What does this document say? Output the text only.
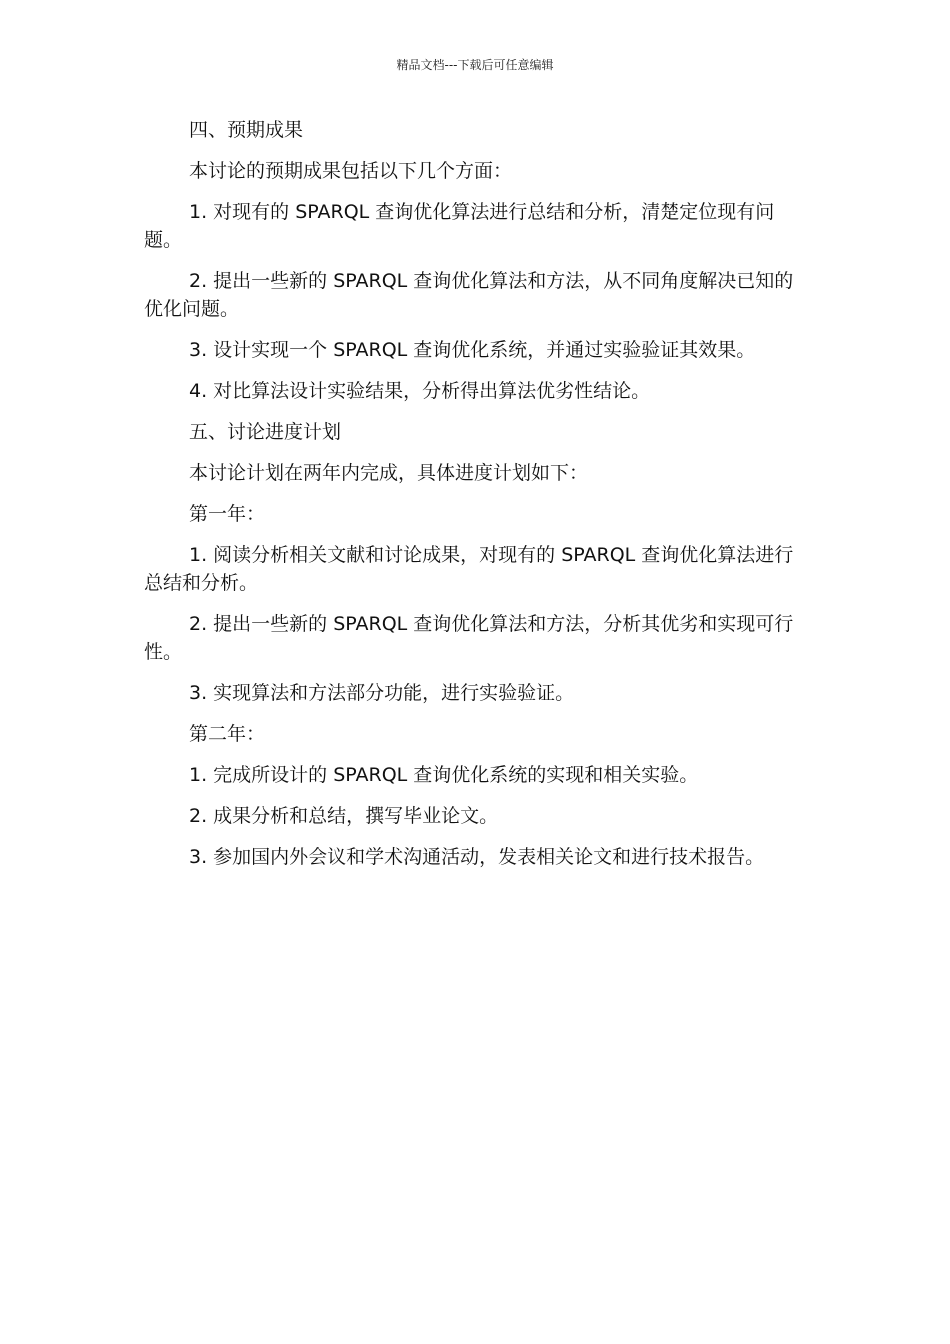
精品文档---下载后可任意编辑

四、预期成果

本讨论的预期成果包括以下几个方面：

1. 对现有的 SPARQL 查询优化算法进行总结和分析，清楚定位现有问题。

2. 提出一些新的 SPARQL 查询优化算法和方法，从不同角度解决已知的优化问题。

3. 设计实现一个 SPARQL 查询优化系统，并通过实验验证其效果。

4. 对比算法设计实验结果，分析得出算法优劣性结论。

五、讨论进度计划

本讨论计划在两年内完成，具体进度计划如下：

第一年：

1. 阅读分析相关文献和讨论成果，对现有的 SPARQL 查询优化算法进行总结和分析。

2. 提出一些新的 SPARQL 查询优化算法和方法，分析其优劣和实现可行性。

3. 实现算法和方法部分功能，进行实验验证。

第二年：

1. 完成所设计的 SPARQL 查询优化系统的实现和相关实验。

2. 成果分析和总结，撰写毕业论文。

3. 参加国内外会议和学术沟通活动，发表相关论文和进行技术报告。
